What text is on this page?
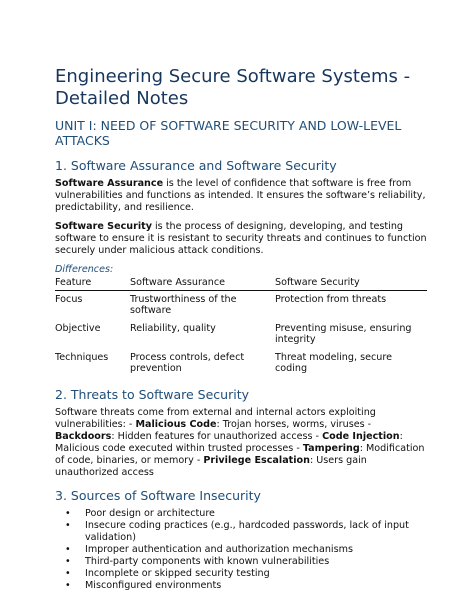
Engineering Secure Software Systems - Detailed Notes
UNIT I: NEED OF SOFTWARE SECURITY AND LOW-LEVEL ATTACKS
1. Software Assurance and Software Security

Software Assurance is the level of confidence that software is free from vulnerabilities and functions as intended. It ensures the software’s reliability, predictability, and resilience.

Software Security is the process of designing, developing, and testing software to ensure it is resistant to security threats and continues to function securely under malicious attack conditions.

Differences:
Feature	Software Assurance	Software Security
Focus	Trustworthiness of the software	Protection from threats
Objective	Reliability, quality	Preventing misuse, ensuring integrity
Techniques	Process controls, defect prevention	Threat modeling, secure coding
2. Threats to Software Security

Software threats come from external and internal actors exploiting vulnerabilities: - Malicious Code: Trojan horses, worms, viruses - Backdoors: Hidden features for unauthorized access - Code Injection: Malicious code executed within trusted processes - Tampering: Modification of code, binaries, or memory - Privilege Escalation: Users gain unauthorized access

3. Sources of Software Insecurity
• Poor design or architecture
• Insecure coding practices (e.g., hardcoded passwords, lack of input validation)
• Improper authentication and authorization mechanisms
• Third-party components with known vulnerabilities
• Incomplete or skipped security testing
• Misconfigured environments
